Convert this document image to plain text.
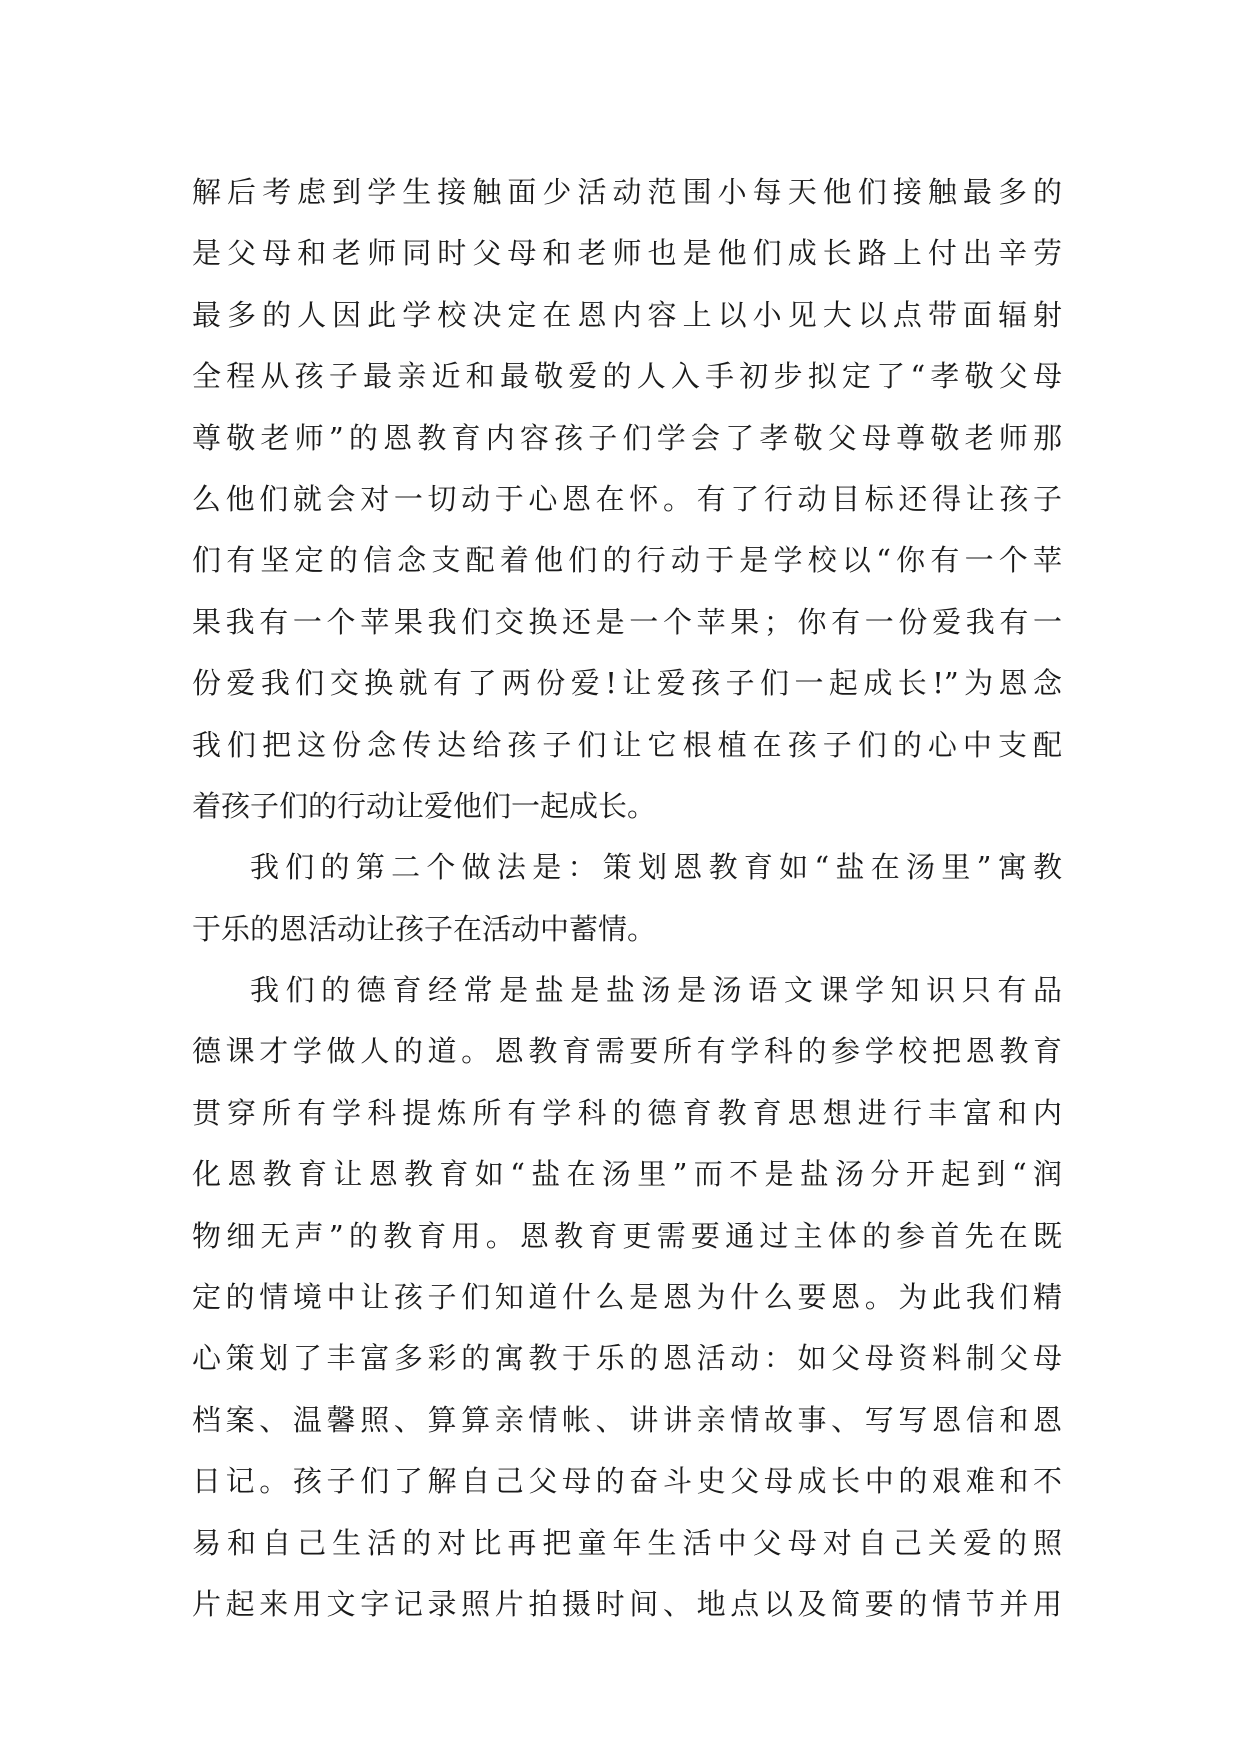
解后考虑到学生接触面少活动范围小每天他们接触最多的
是父母和老师同时父母和老师也是他们成长路上付出辛劳
最多的人因此学校决定在恩内容上以小见大以点带面辐射
全程从孩子最亲近和最敬爱的人入手初步拟定了“孝敬父母
尊敬老师”的恩教育内容孩子们学会了孝敬父母尊敬老师那
么他们就会对一切动于心恩在怀。有了行动目标还得让孩子
们有坚定的信念支配着他们的行动于是学校以“你有一个苹
果我有一个苹果我们交换还是一个苹果；你有一份爱我有一
份爱我们交换就有了两份爱!让爱孩子们一起成长!”为恩念
我们把这份念传达给孩子们让它根植在孩子们的心中支配
着孩子们的行动让爱他们一起成长。
我们的第二个做法是：策划恩教育如“盐在汤里”寓教
于乐的恩活动让孩子在活动中蓄情。
我们的德育经常是盐是盐汤是汤语文课学知识只有品
德课才学做人的道。恩教育需要所有学科的参学校把恩教育
贯穿所有学科提炼所有学科的德育教育思想进行丰富和内
化恩教育让恩教育如“盐在汤里”而不是盐汤分开起到“润
物细无声”的教育用。恩教育更需要通过主体的参首先在既
定的情境中让孩子们知道什么是恩为什么要恩。为此我们精
心策划了丰富多彩的寓教于乐的恩活动：如父母资料制父母
档案、温馨照、算算亲情帐、讲讲亲情故事、写写恩信和恩
日记。孩子们了解自己父母的奋斗史父母成长中的艰难和不
易和自己生活的对比再把童年生活中父母对自己关爱的照
片起来用文字记录照片拍摄时间、地点以及简要的情节并用
